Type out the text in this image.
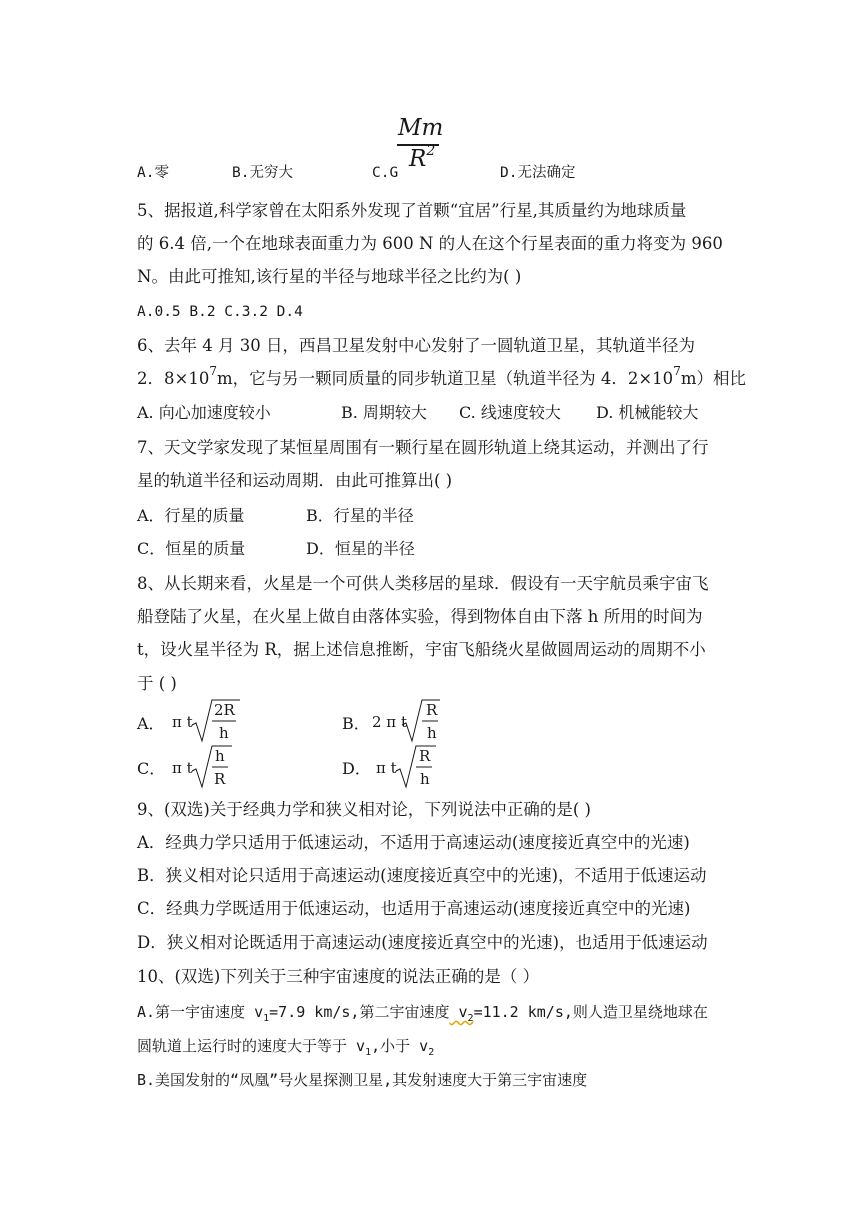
Mm
$R^2$
A.零	B.无穷大	C.G	D.无法确定
5、据报道,科学家曾在太阳系外发现了首颗“宜居”行星,其质量约为地球质量
的 6.4 倍,一个在地球表面重力为 600 N 的人在这个行星表面的重力将变为 960
N。由此可推知,该行星的半径与地球半径之比约为( )
A.0.5 B.2 C.3.2 D.4
6、去年 4 月 30 日，西昌卫星发射中心发射了一圆轨道卫星，其轨道半径为
2．$8\times 10^7m$，它与另一颗同质量的同步轨道卫星（轨道半径为 4．$2\times 10^7m$）相比
A. 向心加速度较小	B. 周期较大 C. 线速度较大 D. 机械能较大
7、天文学家发现了某恒星周围有一颗行星在圆形轨道上绕其运动，并测出了行
星的轨道半径和运动周期．由此可推算出( )
A．行星的质量	B．行星的半径
C．恒星的质量	D．恒星的半径
8、从长期来看，火星是一个可供人类移居的星球．假设有一天宇航员乘宇宙飞
船登陆了火星，在火星上做自由落体实验，得到物体自由下落 h 所用的时间为
t，设火星半径为 R，据上述信息推断，宇宙飞船绕火星做圆周运动的周期不小
于 ( )
A． π t
2R
h	B． 2 π t
R
h
C． π t
h
R
D． π t
R
h
9、(双选)关于经典力学和狭义相对论，下列说法中正确的是( )
A．经典力学只适用于低速运动，不适用于高速运动(速度接近真空中的光速)
B．狭义相对论只适用于高速运动(速度接近真空中的光速)，不适用于低速运动
C．经典力学既适用于低速运动，也适用于高速运动(速度接近真空中的光速)
D．狭义相对论既适用于高速运动(速度接近真空中的光速)，也适用于低速运动
10、(双选)下列关于三种宇宙速度的说法正确的是（ ）
A.第一宇宙速度 $v_1=7.9$ km/s,第二宇宙速度 $v_2=11.2$ km/s,则人造卫星绕地球在
圆轨道上运行时的速度大于等于 $v_1$,小于 $v_2$
B.美国发射的“凤凰”号火星探测卫星,其发射速度大于第三宇宙速度
